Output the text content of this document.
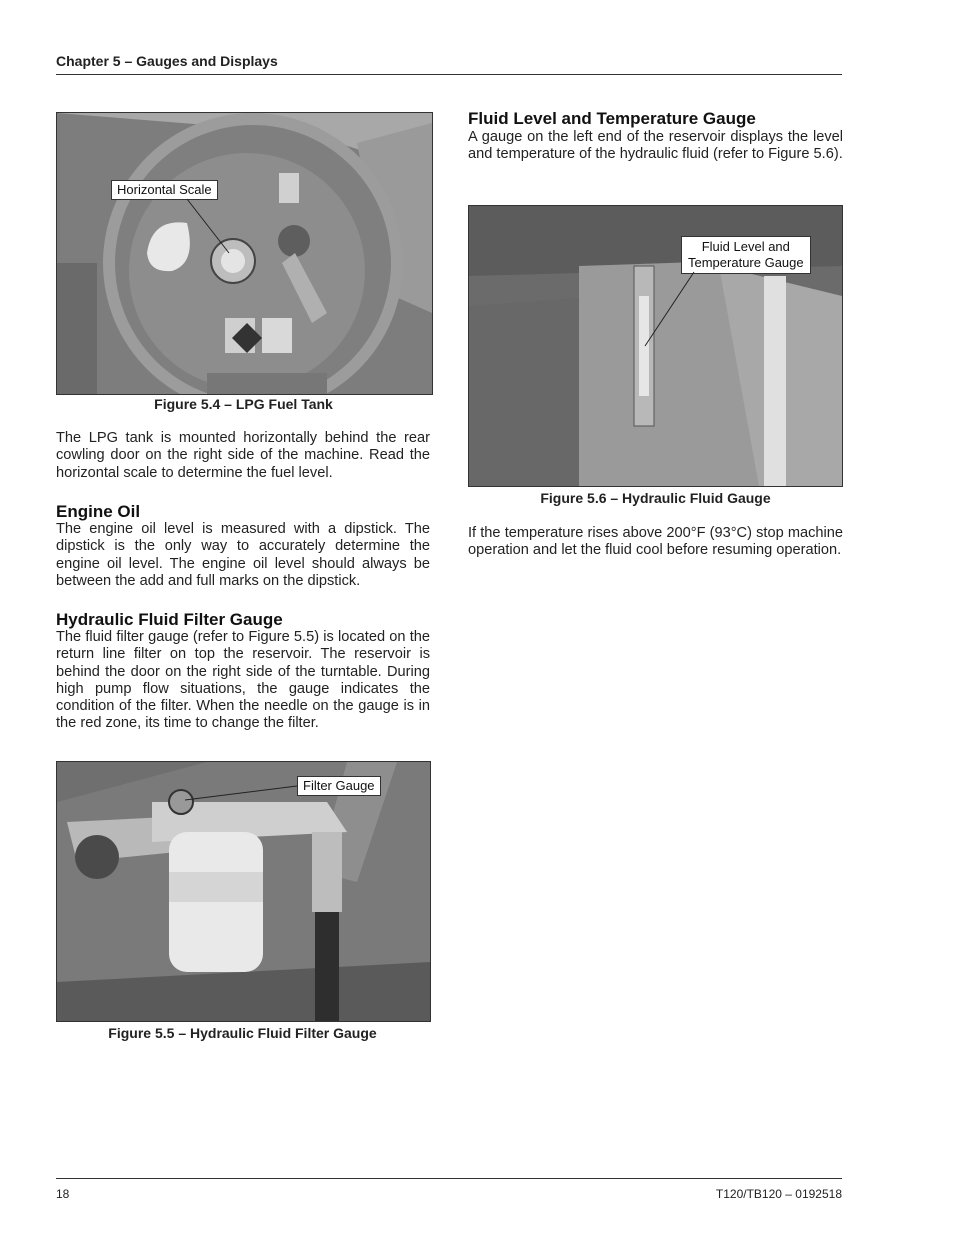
Chapter 5 – Gauges and Displays
Horizontal Scale
Figure 5.4 – LPG Fuel Tank
The LPG tank is mounted horizontally behind the rear cowling door on the right side of the machine. Read the horizontal scale to determine the fuel level.
Engine Oil
The engine oil level is measured with a dipstick. The dipstick is the only way to accurately determine the engine oil level. The engine oil level should always be between the add and full marks on the dipstick.
Hydraulic Fluid Filter Gauge
The fluid filter gauge (refer to Figure 5.5) is located on the return line filter on top the reservoir. The reservoir is behind the door on the right side of the turntable. During high pump flow situations, the gauge indicates the condition of the filter. When the needle on the gauge is in the red zone, its time to change the filter.
Filter Gauge
Figure 5.5 – Hydraulic Fluid Filter Gauge
Fluid Level and Temperature Gauge
A gauge on the left end of the reservoir displays the level and temperature of the hydraulic fluid (refer to Figure 5.6).
Fluid Level and
Temperature Gauge
Figure 5.6 – Hydraulic Fluid Gauge
If the temperature rises above 200°F (93°C) stop machine operation and let the fluid cool before resuming operation.
18	T120/TB120 – 0192518
